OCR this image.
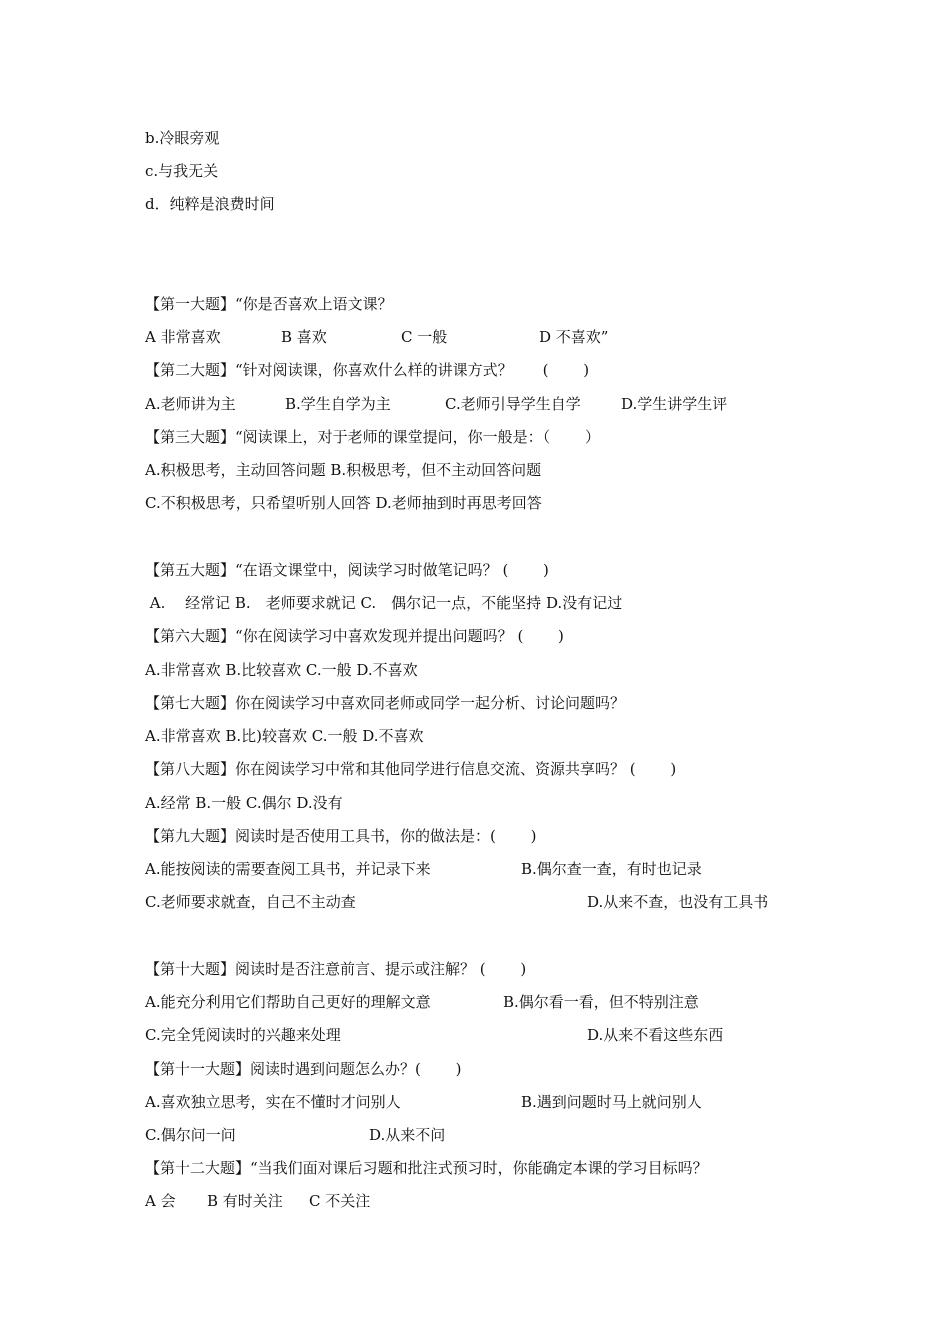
b.冷眼旁观
c.与我无关
d．纯粹是浪费时间
【第一大题】“你是否喜欢上语文课？
A 非常喜欢	B 喜欢	C 一般	D 不喜欢”
【第二大题】“针对阅读课，你喜欢什么样的讲课方式？　　(　　 )
A.老师讲为主	B.学生自学为主	C.老师引导学生自学	D.学生讲学生评
【第三大题】“阅读课上，对于老师的课堂提问，你一般是：（　　 ）
A.积极思考，主动回答问题 B.积极思考，但不主动回答问题
C.不积极思考，只希望听别人回答 D.老师抽到时再思考回答
【第五大题】“在语文课堂中，阅读学习时做笔记吗？ (　　 )
A.　 经常记 B.　老师要求就记 C.　偶尔记一点，不能坚持 D.没有记过
【第六大题】“你在阅读学习中喜欢发现并提出问题吗？ (　　 )
A.非常喜欢 B.比较喜欢 C.一般 D.不喜欢
【第七大题】你在阅读学习中喜欢同老师或同学一起分析、讨论问题吗？
A.非常喜欢 B.比)较喜欢 C.一般 D.不喜欢
【第八大题】你在阅读学习中常和其他同学进行信息交流、资源共享吗？ (　　 )
A.经常 B.一般 C.偶尔 D.没有
【第九大题】阅读时是否使用工具书，你的做法是：(　　 )
A.能按阅读的需要查阅工具书，并记录下来	B.偶尔查一查，有时也记录
C.老师要求就查，自己不主动查	D.从来不查，也没有工具书
【第十大题】阅读时是否注意前言、提示或注解？ (　　 )
A.能充分利用它们帮助自己更好的理解文意	B.偶尔看一看，但不特别注意
C.完全凭阅读时的兴趣来处理	D.从来不看这些东西
【第十一大题】阅读时遇到问题怎么办？(　　 )
A.喜欢独立思考，实在不懂时才问别人	B.遇到问题时马上就问别人
C.偶尔问一问	D.从来不问
【第十二大题】“当我们面对课后习题和批注式预习时，你能确定本课的学习目标吗？
A 会 B 有时关注 C 不关注
